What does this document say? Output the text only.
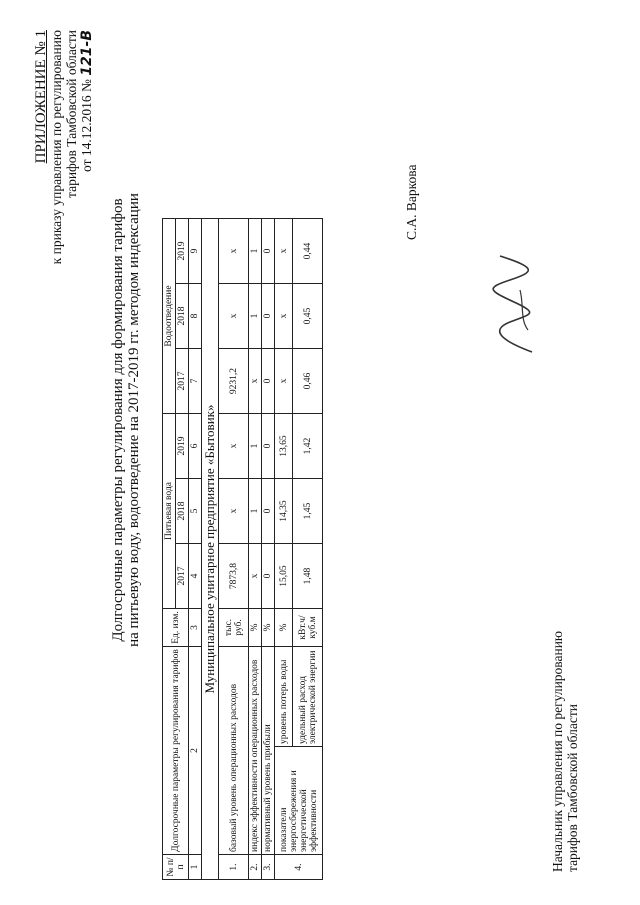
ПРИЛОЖЕНИЕ № 1 к приказу управления по регулированию тарифов Тамбовской области от 14.12.2016 № 121-В
Долгосрочные параметры регулирования для формирования тарифов на питьевую воду, водоотведение на 2017-2019 гг. методом индексации
№ п/п	Долгосрочные параметры регулирования тарифов		Ед. изм.	Питьевая вода			Водоотведение		
				2017	2018	2019	2017	2018	2019
1	2		3	4	5	6	7	8	9
Муниципальное унитарное предприятие «Бытовик»									
1.	базовый уровень операционных расходов		тыс. руб.	7873,8	x	x	9231,2	x	x
2.	индекс эффективности операционных расходов		%	x	1	1	x	1	1
3.	нормативный уровень прибыли		%	0	0	0	0	0	0
4.	показатели энергосбережения и энергетической эффективности	уровень потерь воды	%	15,05	14,35	13,65	x	x	x
		удельный расход электрической энергии	кВт.ч/ куб.м	1,48	1,45	1,42	0,46	0,45	0,44
Начальник управления по регулированию тарифов Тамбовской области
С.А. Варкова
